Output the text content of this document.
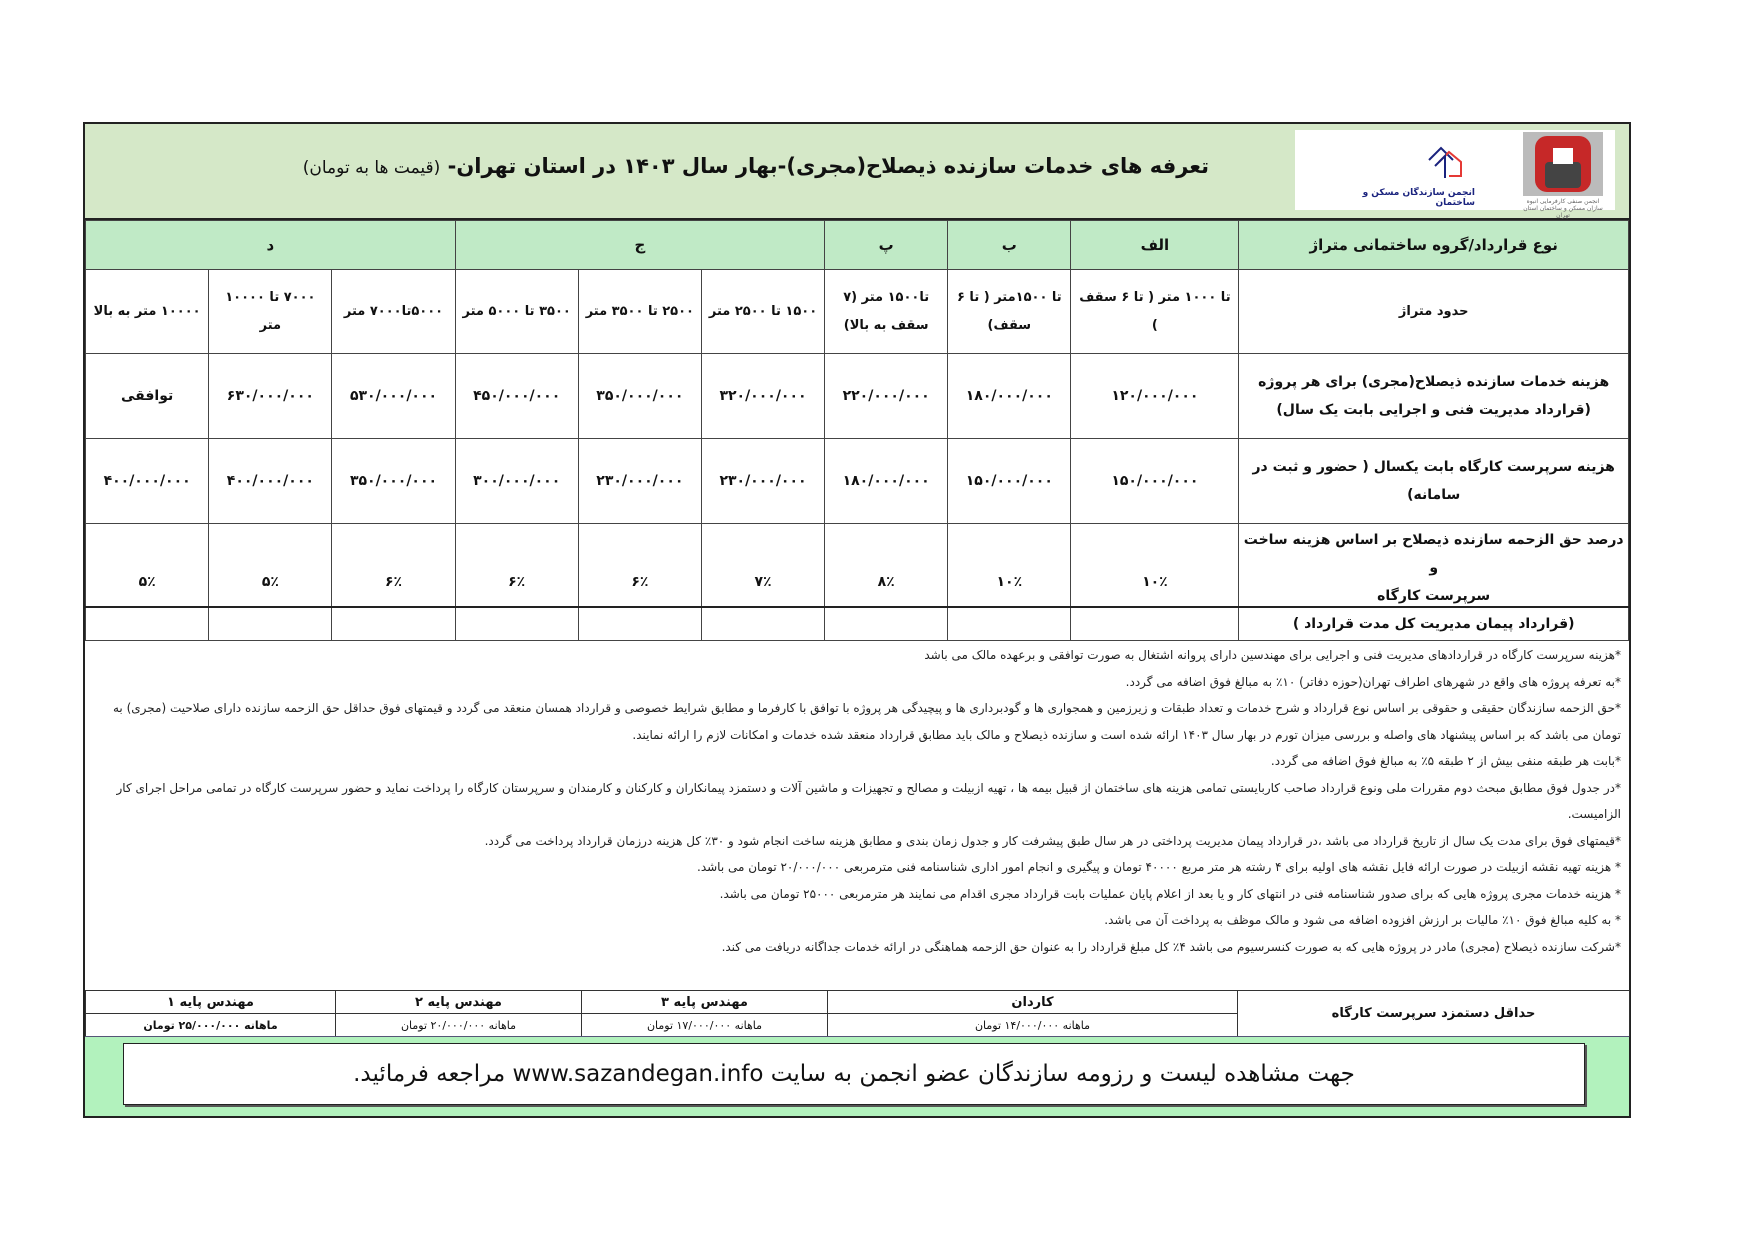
تعرفه های خدمات سازنده ذیصلاح(مجری)-بهار سال ۱۴۰۳ در استان تهران- (قیمت ها به تومان)
انجمن صنفی کارفرمایی انبوه سازان مسکن و ساختمان استان تهران
انجمن سازندگان مسکن و ساختمان
نوع قرارداد/گروه ساختمانی متراژ	الف	ب	پ	ج			د		
حدود متراژ	تا ۱۰۰۰ متر ( تا ۶ سقف )	تا ۱۵۰۰متر ( تا ۶ سقف)	تا۱۵۰۰ متر (۷ سقف به بالا)	۱۵۰۰ تا ۲۵۰۰ متر	۲۵۰۰ تا ۳۵۰۰ متر	۳۵۰۰ تا ۵۰۰۰ متر	۵۰۰۰تا۷۰۰۰ متر	۷۰۰۰ تا ۱۰۰۰۰ متر	۱۰۰۰۰ متر به بالا

هزینه خدمات سازنده ذیصلاح(مجری) برای هر پروژه
(قرارداد مدیریت فنی و اجرایی بابت یک سال)	۱۲۰/۰۰۰/۰۰۰	۱۸۰/۰۰۰/۰۰۰	۲۲۰/۰۰۰/۰۰۰	۳۲۰/۰۰۰/۰۰۰	۳۵۰/۰۰۰/۰۰۰	۴۵۰/۰۰۰/۰۰۰	۵۳۰/۰۰۰/۰۰۰	۶۳۰/۰۰۰/۰۰۰	توافقی
هزینه سرپرست کارگاه بابت یکسال ( حضور و ثبت در سامانه)	۱۵۰/۰۰۰/۰۰۰	۱۵۰/۰۰۰/۰۰۰	۱۸۰/۰۰۰/۰۰۰	۲۳۰/۰۰۰/۰۰۰	۲۳۰/۰۰۰/۰۰۰	۳۰۰/۰۰۰/۰۰۰	۳۵۰/۰۰۰/۰۰۰	۴۰۰/۰۰۰/۰۰۰	۴۰۰/۰۰۰/۰۰۰

درصد حق الزحمه سازنده ذیصلاح بر اساس هزینه ساخت و
سرپرست کارگاه
(قرارداد پیمان مدیریت کل مدت قرارداد )	۱۰٪	۱۰٪	۸٪	۷٪	۶٪	۶٪	۶٪	۵٪	۵٪
*هزینه سرپرست کارگاه در قراردادهای مدیریت فنی و اجرایی برای مهندسین دارای پروانه اشتغال به صورت توافقی و برعهده مالک می باشد
*به تعرفه پروژه های واقع در شهرهای اطراف تهران(حوزه دفاتر) ۱۰٪ به مبالغ فوق اضافه می گردد.
*حق الزحمه سازندگان حقیقی و حقوقی بر اساس نوع قرارداد و شرح خدمات و تعداد طبقات و زیرزمین و همجواری ها و گودبرداری ها و پیچیدگی هر پروژه با توافق با کارفرما و مطابق شرایط خصوصی و قرارداد همسان منعقد می گردد و قیمتهای فوق حداقل حق الزحمه سازنده دارای صلاحیت (مجری) به تومان می باشد که بر اساس پیشنهاد های واصله و بررسی میزان تورم در بهار سال ۱۴۰۳ ارائه شده است و سازنده ذیصلاح و مالک باید مطابق قرارداد منعقد شده خدمات و امکانات لازم را ارائه نمایند.
*بابت هر طبقه منفی بیش از ۲ طبقه ۵٪ به مبالغ فوق اضافه می گردد.
*در جدول فوق مطابق مبحث دوم مقررات ملی ونوع قرارداد صاحب کاربایستی تمامی هزینه های ساختمان از قبیل بیمه ها ، تهیه ازبیلت و مصالح و تجهیزات و ماشین آلات و دستمزد پیمانکاران و کارکنان و کارمندان و سرپرستان کارگاه را پرداخت نماید و حضور سرپرست کارگاه در تمامی مراحل اجرای کار الزامیست.
*قیمتهای فوق برای مدت یک سال از تاریخ قرارداد می باشد ،در قرارداد پیمان مدیریت پرداختی در هر سال طبق پیشرفت کار و جدول زمان بندی و مطابق هزینه ساخت انجام شود و ۳۰٪ کل هزینه درزمان قرارداد پرداخت می گردد.
* هزینه تهیه نقشه ازبیلت در صورت ارائه فایل نقشه های اولیه برای ۴ رشته هر متر مربع ۴۰۰۰۰ تومان و پیگیری و انجام امور اداری شناسنامه فنی مترمربعی ۲۰/۰۰۰/۰۰۰ تومان می باشد.
* هزینه خدمات مجری پروژه هایی که برای صدور شناسنامه فنی در انتهای کار و یا بعد از اعلام پایان عملیات بابت قرارداد مجری اقدام می نمایند هر مترمربعی ۲۵۰۰۰ تومان می باشد.
* به کلیه مبالغ فوق ۱۰٪ مالیات بر ارزش افزوده اضافه می شود و مالک موظف به پرداخت آن می باشد.
*شرکت سازنده ذیصلاح (مجری) مادر در پروژه هایی که به صورت کنسرسیوم می باشد ۴٪ کل مبلغ قرارداد را به عنوان حق الزحمه هماهنگی در ارائه خدمات جداگانه دریافت می کند.
حداقل دستمزد سرپرست کارگاه	کاردان	مهندس پایه ۳	مهندس پایه ۲	مهندس پایه ۱
	ماهانه ۱۴/۰۰۰/۰۰۰ تومان	ماهانه ۱۷/۰۰۰/۰۰۰ تومان	ماهانه ۲۰/۰۰۰/۰۰۰ تومان	ماهانه ۲۵/۰۰۰/۰۰۰ تومان
جهت مشاهده لیست و رزومه سازندگان عضو انجمن به سایت www.sazandegan.info مراجعه فرمائید.
